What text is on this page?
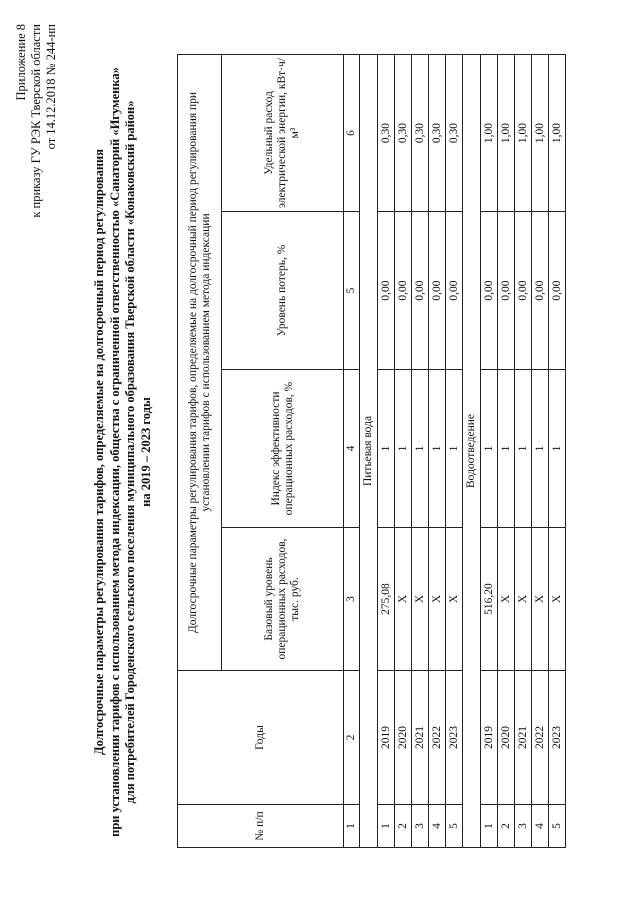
Приложение 8 к приказу ГУ РЭК Тверской области от 14.12.2018 № 244-нп
Долгосрочные параметры регулирования тарифов, определяемые на долгосрочный период регулирования при установлении тарифов с использованием метода индексации, общества с ограниченной ответственностью «Санаторий «Игуменка» для потребителей Городенского сельского поселения муниципального образования Тверской области «Конаковский район» на 2019 – 2023 годы
№ п/п	Годы	Долгосрочные параметры регулирования тарифов, определяемые на долгосрочный период регулирования при установлении тарифов с использованием метода индексации			
		Базовый уровень операционных расходов, тыс. руб.	Индекс эффективности операционных расходов, %	Уровень потерь, %	Удельный расход электрической энергии, кВт·ч/м³
1	2	3	4	5	6
Питьевая вода					
1	2019	275,08	1	0,00	0,30
2	2020	Х	1	0,00	0,30
3	2021	Х	1	0,00	0,30
4	2022	Х	1	0,00	0,30
5	2023	Х	1	0,00	0,30
Водоотведение					
1	2019	516,20	1	0,00	1,00
2	2020	Х	1	0,00	1,00
3	2021	Х	1	0,00	1,00
4	2022	Х	1	0,00	1,00
5	2023	Х	1	0,00	1,00
